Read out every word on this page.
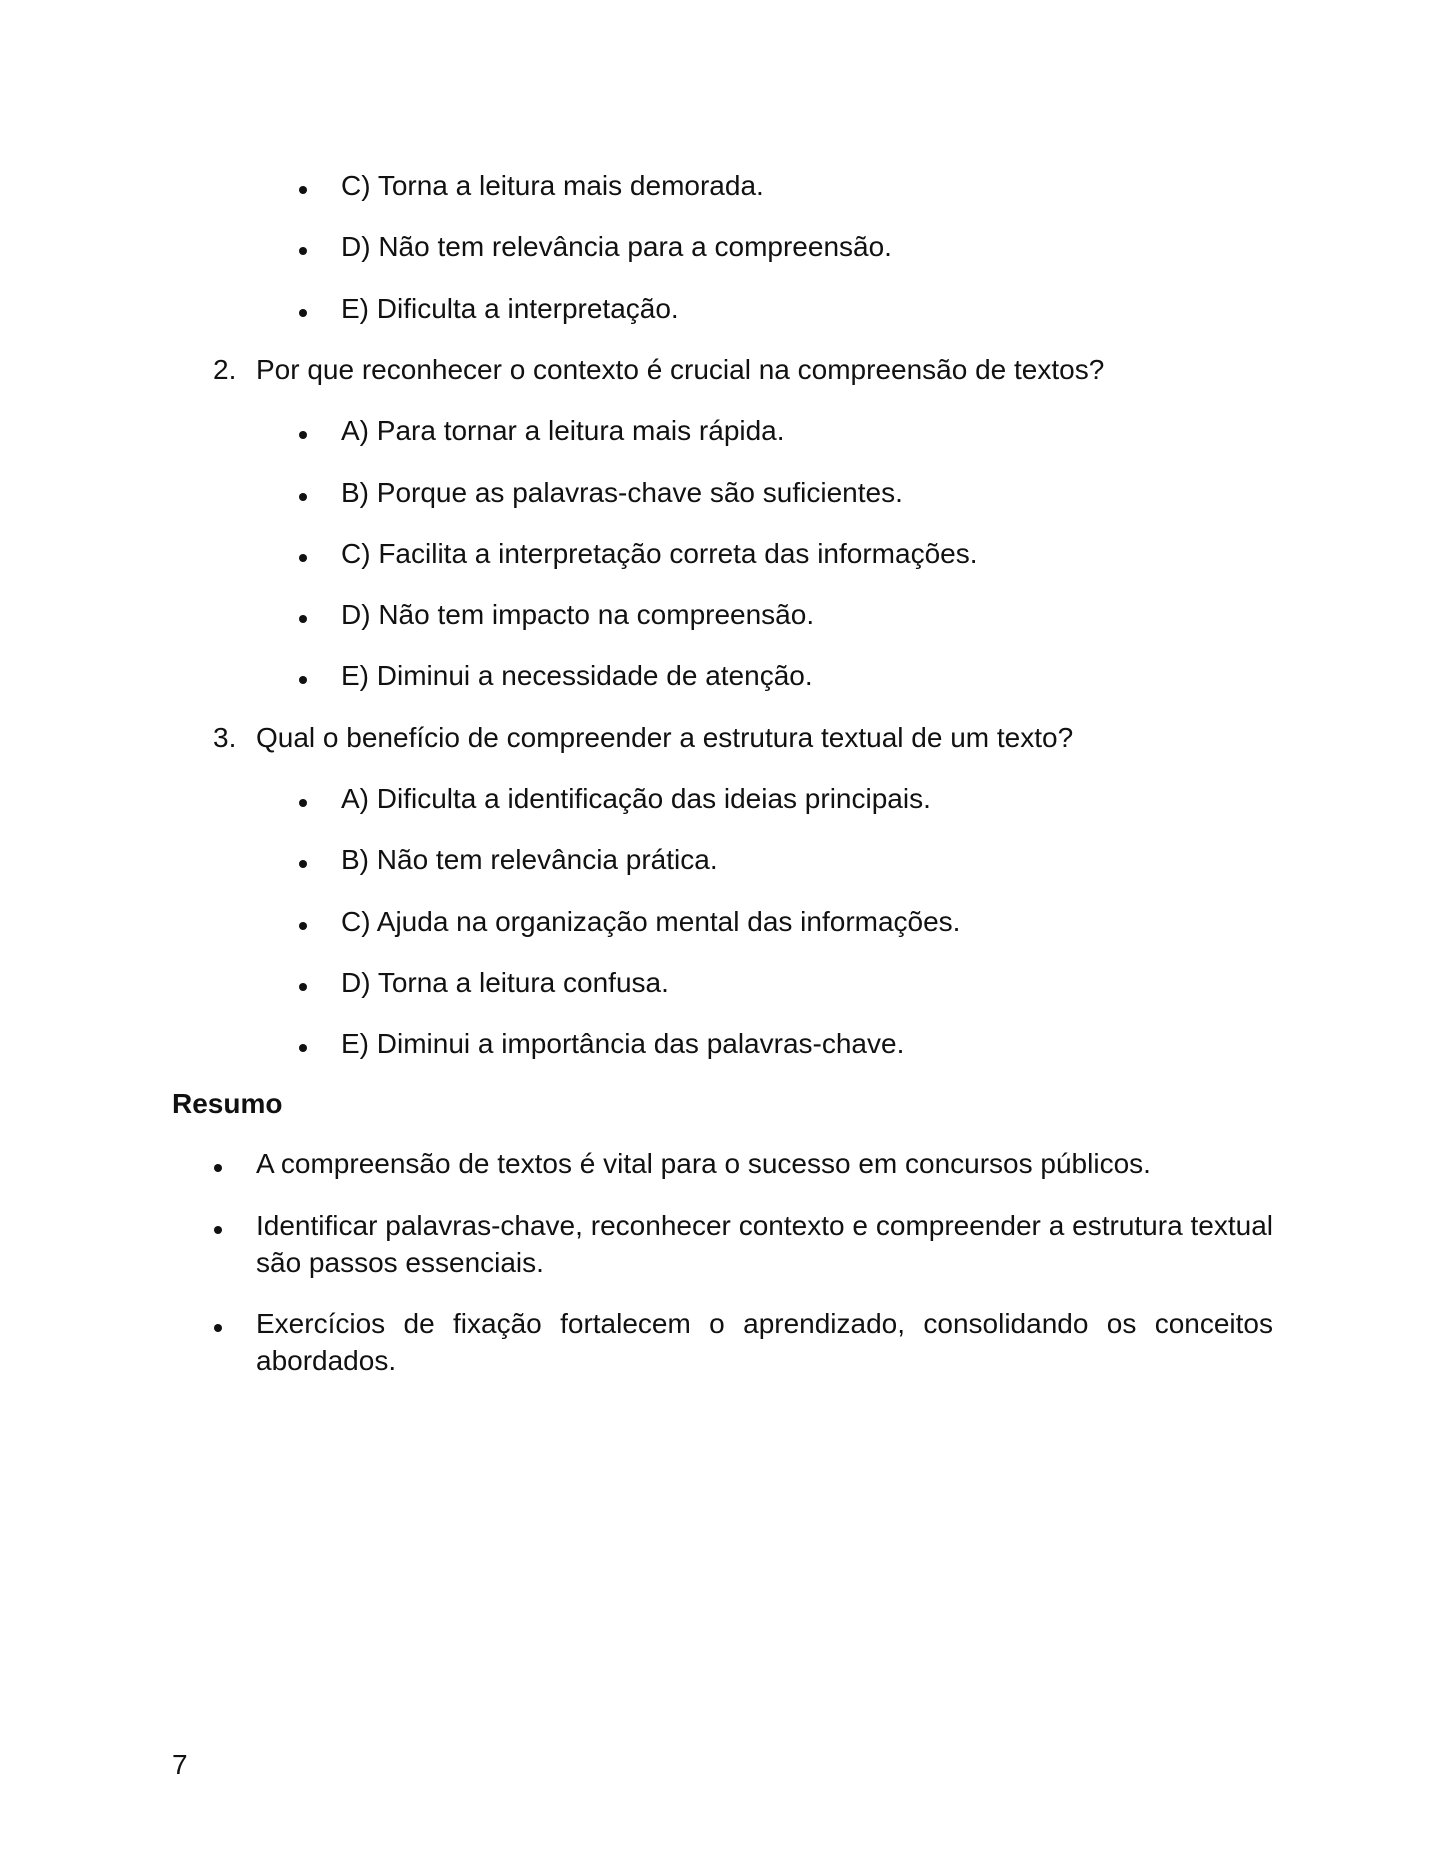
C) Torna a leitura mais demorada.
D) Não tem relevância para a compreensão.
E) Dificulta a interpretação.
2. Por que reconhecer o contexto é crucial na compreensão de textos?
A) Para tornar a leitura mais rápida.
B) Porque as palavras-chave são suficientes.
C) Facilita a interpretação correta das informações.
D) Não tem impacto na compreensão.
E) Diminui a necessidade de atenção.
3. Qual o benefício de compreender a estrutura textual de um texto?
A) Dificulta a identificação das ideias principais.
B) Não tem relevância prática.
C) Ajuda na organização mental das informações.
D) Torna a leitura confusa.
E) Diminui a importância das palavras-chave.
Resumo
A compreensão de textos é vital para o sucesso em concursos públicos.
Identificar palavras-chave, reconhecer contexto e compreender a estrutura textual são passos essenciais.
Exercícios de fixação fortalecem o aprendizado, consolidando os conceitos abordados.
7
